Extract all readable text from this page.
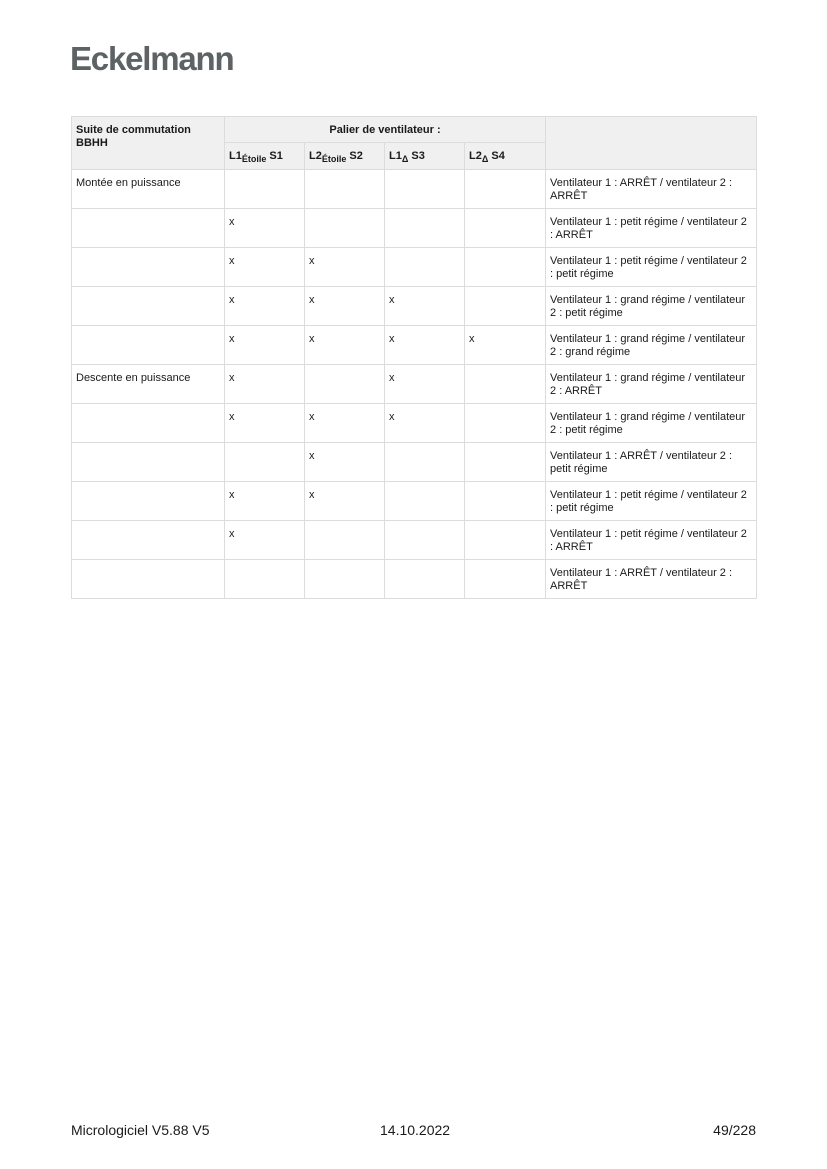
Eckelmann
Suite de commutation BBHH	Palier de ventilateur :				
	$L1_{Étoile}$ S1	$L2_{Étoile}$ S2	$L1_\Delta$ S3	$L2_\Delta$ S4	
Montée en puissance					Ventilateur 1 : ARRÊT / ventilateur 2 : ARRÊT
	x				Ventilateur 1 : petit régime / ventilateur 2 : ARRÊT
	x	x			Ventilateur 1 : petit régime / ventilateur 2 : petit régime
	x	x	x		Ventilateur 1 : grand régime / ventilateur 2 : petit régime
	x	x	x	x	Ventilateur 1 : grand régime / ventilateur 2 : grand régime
Descente en puissance	x		x		Ventilateur 1 : grand régime / ventilateur 2 : ARRÊT
	x	x	x		Ventilateur 1 : grand régime / ventilateur 2 : petit régime
		x			Ventilateur 1 : ARRÊT / ventilateur 2 : petit régime
	x	x			Ventilateur 1 : petit régime / ventilateur 2 : petit régime
	x				Ventilateur 1 : petit régime / ventilateur 2 : ARRÊT
					Ventilateur 1 : ARRÊT / ventilateur 2 : ARRÊT
Micrologiciel V5.88 V5	14.10.2022	49/228
